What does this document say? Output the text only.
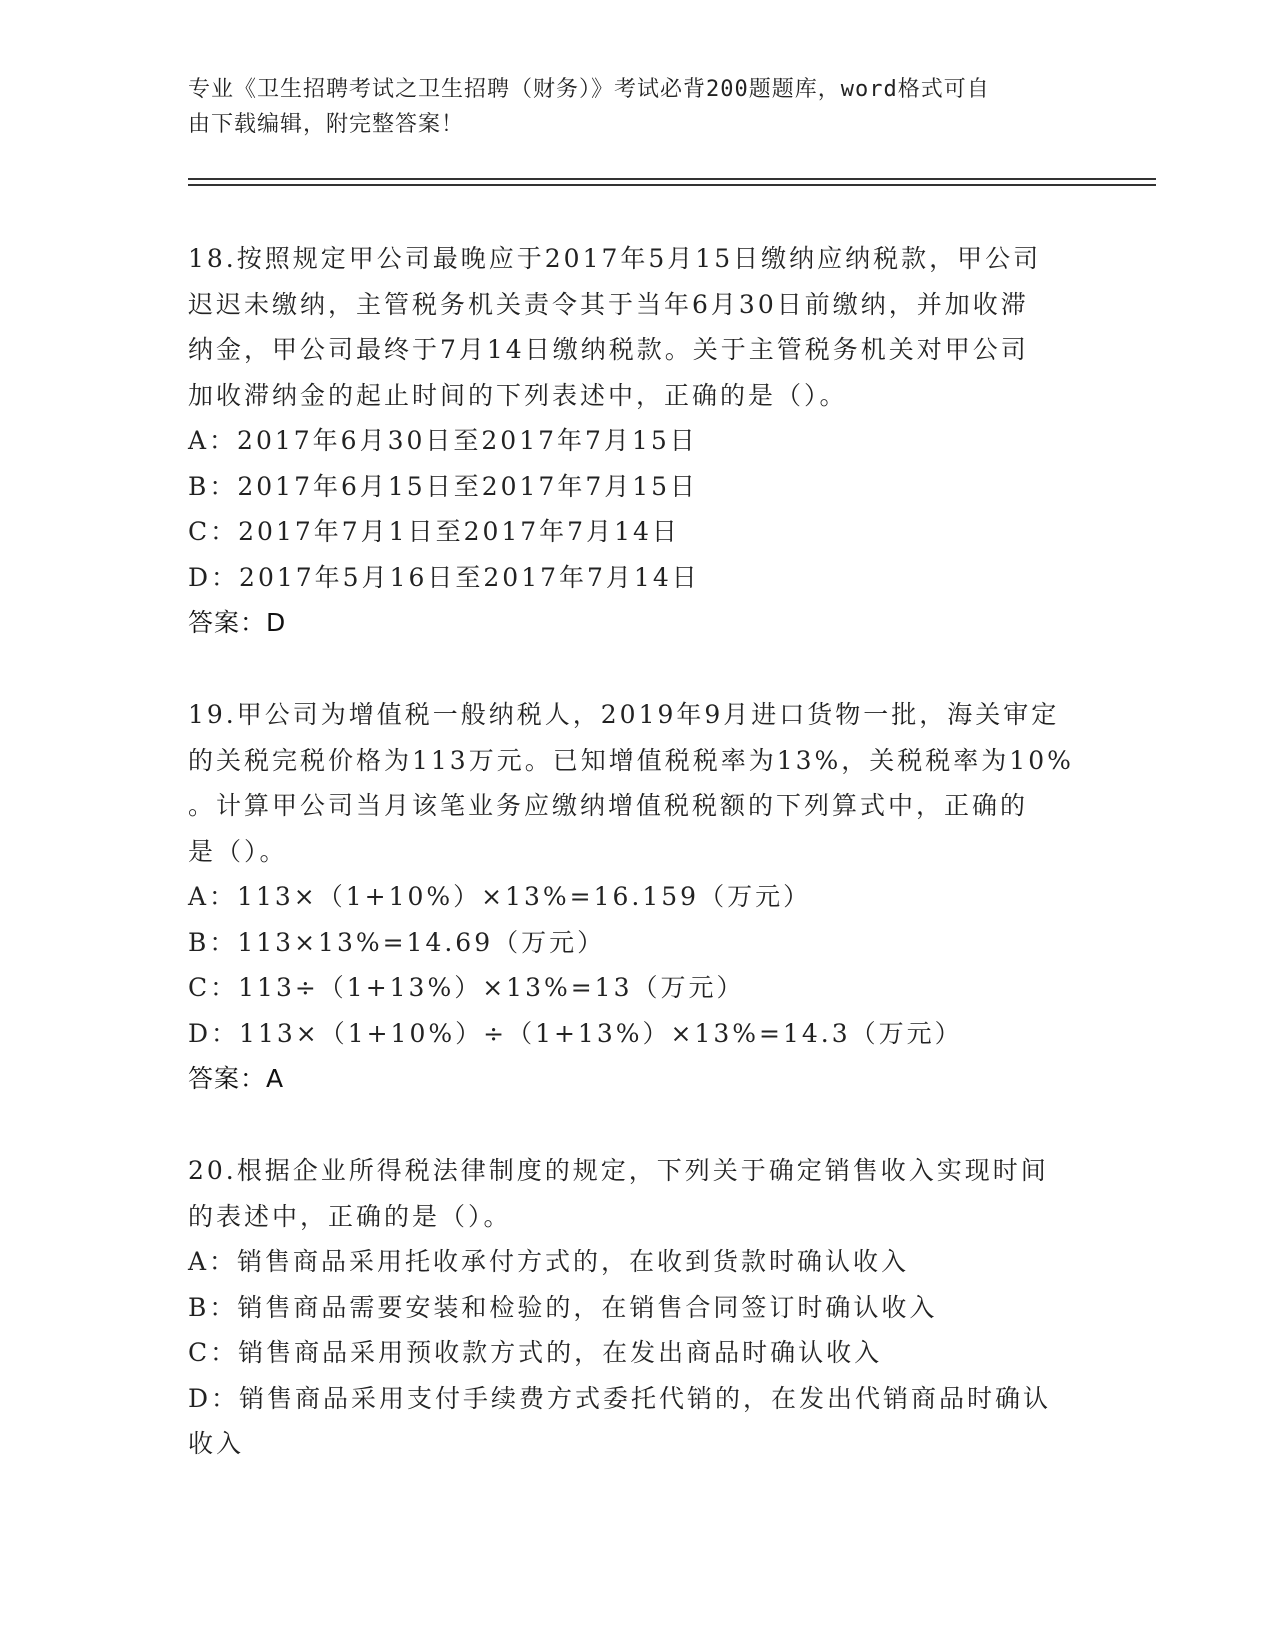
专业《卫生招聘考试之卫生招聘（财务）》考试必背200题题库，word格式可自
由下载编辑，附完整答案！
18.按照规定甲公司最晚应于2017年5月15日缴纳应纳税款，甲公司
迟迟未缴纳，主管税务机关责令其于当年6月30日前缴纳，并加收滞
纳金，甲公司最终于7月14日缴纳税款。关于主管税务机关对甲公司
加收滞纳金的起止时间的下列表述中，正确的是（）。
A：2017年6月30日至2017年7月15日
B：2017年6月15日至2017年7月15日
C：2017年7月1日至2017年7月14日
D：2017年5月16日至2017年7月14日
答案：D
19.甲公司为增值税一般纳税人，2019年9月进口货物一批，海关审定
的关税完税价格为113万元。已知增值税税率为13%，关税税率为10%
。计算甲公司当月该笔业务应缴纳增值税税额的下列算式中，正确的
是（）。
A：113×（1+10%）×13%=16.159（万元）
B：113×13%=14.69（万元）
C：113÷（1+13%）×13%=13（万元）
D：113×（1+10%）÷（1+13%）×13%=14.3（万元）
答案：A
20.根据企业所得税法律制度的规定，下列关于确定销售收入实现时间
的表述中，正确的是（）。
A：销售商品采用托收承付方式的，在收到货款时确认收入
B：销售商品需要安装和检验的，在销售合同签订时确认收入
C：销售商品采用预收款方式的，在发出商品时确认收入
D：销售商品采用支付手续费方式委托代销的，在发出代销商品时确认
收入
